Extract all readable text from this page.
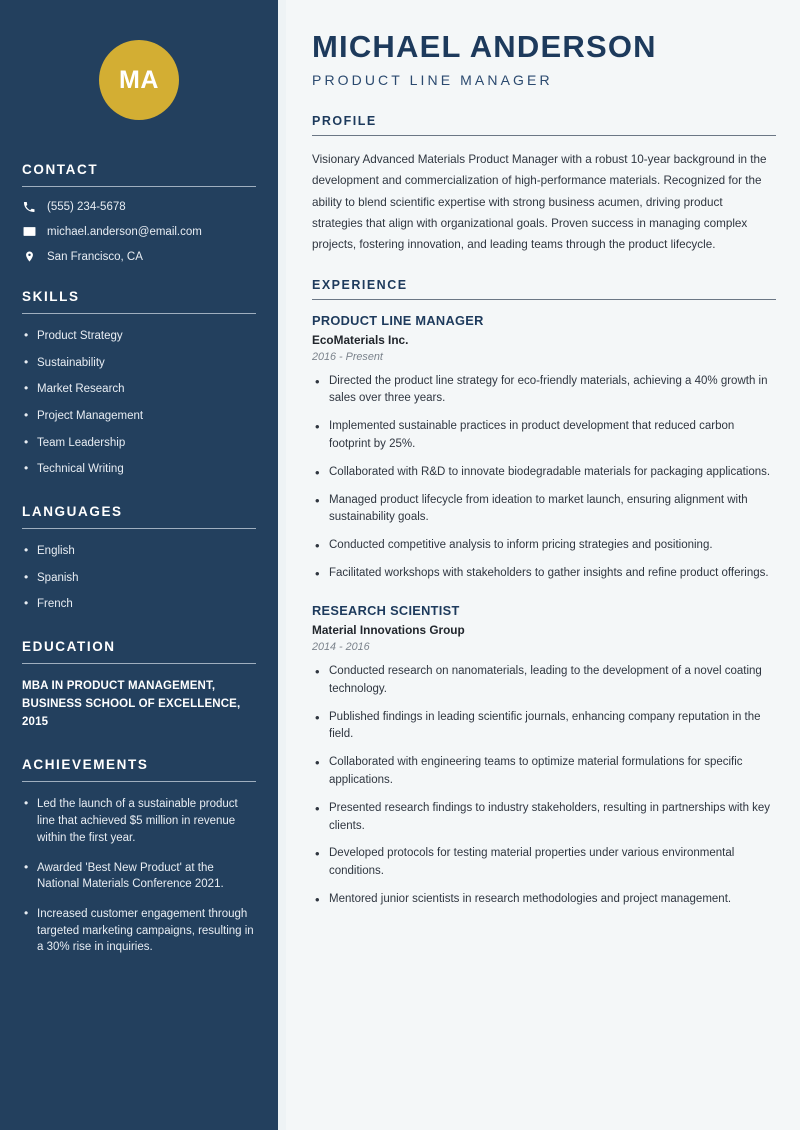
MA
CONTACT
(555) 234-5678
michael.anderson@email.com
San Francisco, CA
SKILLS
• Product Strategy
• Sustainability
• Market Research
• Project Management
• Team Leadership
• Technical Writing
LANGUAGES
• English
• Spanish
• French
EDUCATION
MBA IN PRODUCT MANAGEMENT, BUSINESS SCHOOL OF EXCELLENCE, 2015
ACHIEVEMENTS
• Led the launch of a sustainable product line that achieved $5 million in revenue within the first year.
• Awarded 'Best New Product' at the National Materials Conference 2021.
• Increased customer engagement through targeted marketing campaigns, resulting in a 30% rise in inquiries.
MICHAEL ANDERSON
PRODUCT LINE MANAGER
PROFILE

Visionary Advanced Materials Product Manager with a robust 10-year background in the development and commercialization of high-performance materials. Recognized for the ability to blend scientific expertise with strong business acumen, driving product strategies that align with organizational goals. Proven success in managing complex projects, fostering innovation, and leading teams through the product lifecycle.

EXPERIENCE
PRODUCT LINE MANAGER
EcoMaterials Inc.
2016 - Present
• Directed the product line strategy for eco-friendly materials, achieving a 40% growth in sales over three years.
• Implemented sustainable practices in product development that reduced carbon footprint by 25%.
• Collaborated with R&D to innovate biodegradable materials for packaging applications.
• Managed product lifecycle from ideation to market launch, ensuring alignment with sustainability goals.
• Conducted competitive analysis to inform pricing strategies and positioning.
• Facilitated workshops with stakeholders to gather insights and refine product offerings.
RESEARCH SCIENTIST
Material Innovations Group
2014 - 2016
• Conducted research on nanomaterials, leading to the development of a novel coating technology.
• Published findings in leading scientific journals, enhancing company reputation in the field.
• Collaborated with engineering teams to optimize material formulations for specific applications.
• Presented research findings to industry stakeholders, resulting in partnerships with key clients.
• Developed protocols for testing material properties under various environmental conditions.
• Mentored junior scientists in research methodologies and project management.
